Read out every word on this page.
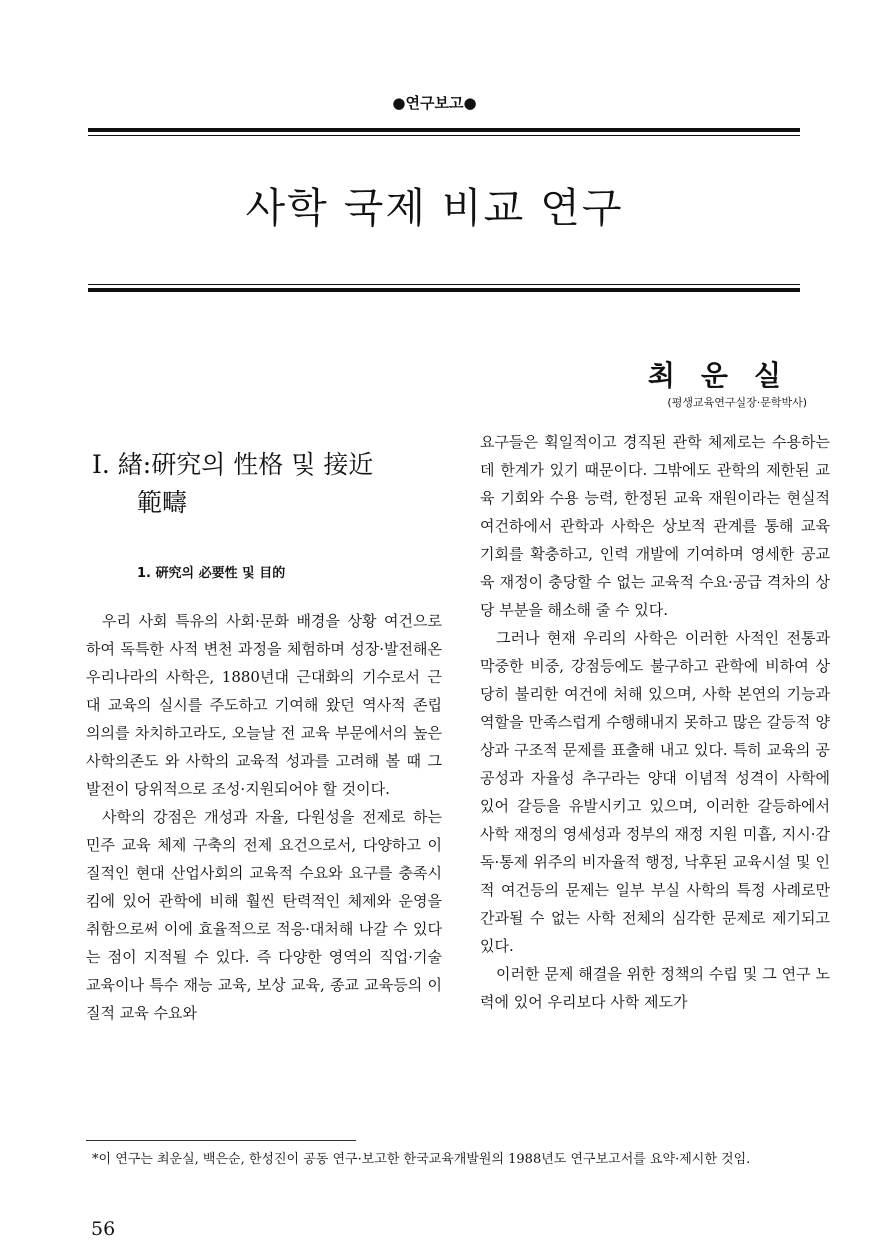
●연구보고●
사학 국제 비교 연구
최운실
(평생교육연구실장·문학박사)
Ⅰ. 緖:硏究의 性格 및 接近
範疇
1. 硏究의 必要性 및 目的

우리 사회 특유의 사회·문화 배경을 상황 여건으로 하여 독특한 사적 변천 과정을 체험하며 성장·발전해온 우리나라의 사학은, 1880년대 근대화의 기수로서 근대 교육의 실시를 주도하고 기여해 왔던 역사적 존립 의의를 차치하고라도, 오늘날 전 교육 부문에서의 높은 사학의존도 와 사학의 교육적 성과를 고려해 볼 때 그 발전이 당위적으로 조성·지원되어야 할 것이다.

사학의 강점은 개성과 자율, 다원성을 전제로 하는 민주 교육 체제 구축의 전제 요건으로서, 다양하고 이질적인 현대 산업사회의 교육적 수요와 요구를 충족시킴에 있어 관학에 비해 훨씬 탄력적인 체제와 운영을 취함으로써 이에 효율적으로 적응·대처해 나갈 수 있다는 점이 지적될 수 있다. 즉 다양한 영역의 직업·기술 교육이나 특수 재능 교육, 보상 교육, 종교 교육등의 이질적 교육 수요와

요구들은 획일적이고 경직된 관학 체제로는 수용하는 데 한계가 있기 때문이다. 그밖에도 관학의 제한된 교육 기회와 수용 능력, 한정된 교육 재원이라는 현실적 여건하에서 관학과 사학은 상보적 관계를 통해 교육 기회를 확충하고, 인력 개발에 기여하며 영세한 공교육 재정이 충당할 수 없는 교육적 수요·공급 격차의 상당 부분을 해소해 줄 수 있다.

그러나 현재 우리의 사학은 이러한 사적인 전통과 막중한 비중, 강점등에도 불구하고 관학에 비하여 상당히 불리한 여건에 처해 있으며, 사학 본연의 기능과 역할을 만족스럽게 수행해내지 못하고 많은 갈등적 양상과 구조적 문제를 표출해 내고 있다. 특히 교육의 공공성과 자율성 추구라는 양대 이념적 성격이 사학에 있어 갈등을 유발시키고 있으며, 이러한 갈등하에서 사학 재정의 영세성과 정부의 재정 지원 미흡, 지시·감독·통제 위주의 비자율적 행정, 낙후된 교육시설 및 인적 여건등의 문제는 일부 부실 사학의 특정 사례로만 간과될 수 없는 사학 전체의 심각한 문제로 제기되고 있다.

이러한 문제 해결을 위한 정책의 수립 및 그 연구 노력에 있어 우리보다 사학 제도가

*이 연구는 최운실, 백은순, 한성진이 공동 연구·보고한 한국교육개발원의 1988년도 연구보고서를 요약·제시한 것임.
56
